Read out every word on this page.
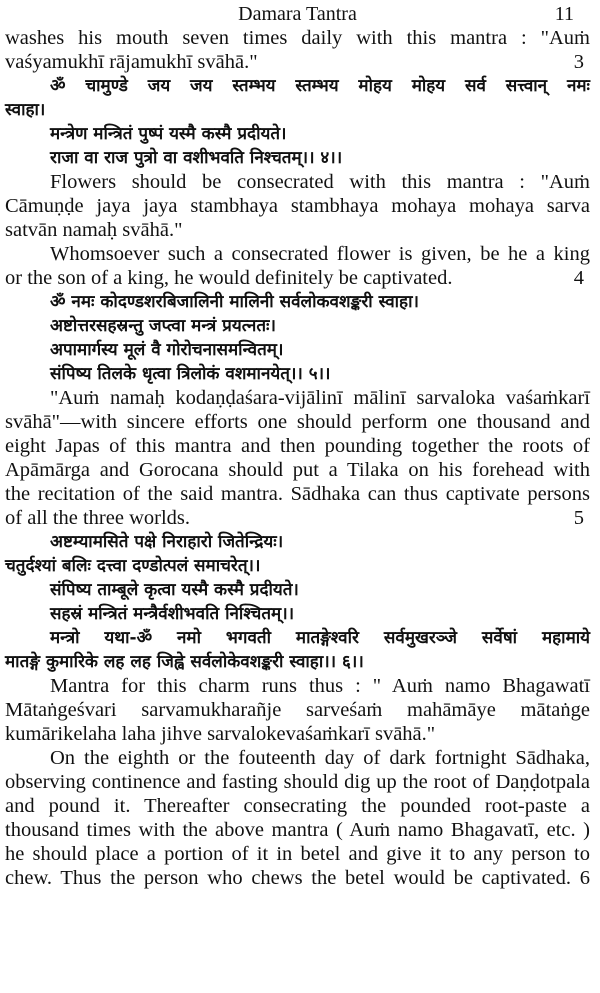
Damara Tantra	11
washes his mouth seven times daily with this mantra : "Auṁ
vaśyamukhī rājamukhī svāhā."	3
ॐ चामुण्डे जय जय स्तम्भय स्तम्भय मोहय मोहय सर्व सत्त्वान् नमः
स्वाहा।
मन्त्रेण मन्त्रितं पुष्पं यस्मै कस्मै प्रदीयते।
राजा वा राज पुत्रो वा वशीभवति निश्चतम्।। ४।।
Flowers should be consecrated with this mantra : "Auṁ
Cāmuṇḍe jaya jaya stambhaya stambhaya mohaya mohaya sarva
satvān namaḥ svāhā."
Whomsoever such a consecrated flower is given, be he a king
or the son of a king, he would definitely be captivated.	4
ॐ नमः कोदण्डशरबिजालिनी मालिनी सर्वलोकवशङ्करी स्वाहा।
अष्टोत्तरसहस्रन्तु जप्त्वा मन्त्रं प्रयत्नतः।
अपामार्गस्य मूलं वै गोरोचनासमन्वितम्।
संपिष्य तिलके धृत्वा त्रिलोकं वशमानयेत्।। ५।।
"Auṁ namaḥ kodaṇḍaśara-vijālinī mālinī sarvaloka vaśaṁkarī
svāhā"—with sincere efforts one should perform one thousand and
eight Japas of this mantra and then pounding together the roots of
Apāmārga and Gorocana should put a Tilaka on his forehead with
the recitation of the said mantra. Sādhaka can thus captivate persons
of all the three worlds.	5
अष्टम्यामसिते पक्षे निराहारो जितेन्द्रियः।
चतुर्दश्यां बलिः दत्त्वा दण्डोत्पलं समाचरेत्।।
संपिष्य ताम्बूले कृत्वा यस्मै कस्मै प्रदीयते।
सहस्रं मन्त्रितं मन्त्रैर्वशीभवति निश्चितम्।।
मन्त्रो यथा-ॐ नमो भगवती मातङ्गेश्वरि सर्वमुखरञ्जे सर्वेषां महामाये
मातङ्गे कुमारिके लह लह जिह्वे सर्वलोकेवशङ्करी स्वाहा।। ६।।
Mantra for this charm runs thus : " Auṁ namo Bhagawatī
Mātaṅgeśvari sarvamukharañje sarveśaṁ mahāmāye mātaṅge
kumārikelaha laha jihve sarvalokevaśaṁkarī svāhā."
On the eighth or the fouteenth day of dark fortnight Sādhaka,
observing continence and fasting should dig up the root of Daṇḍotpala
and pound it. Thereafter consecrating the pounded root-paste a
thousand times with the above mantra ( Auṁ namo Bhagavatī, etc. )
he should place a portion of it in betel and give it to any person to
chew. Thus the person who chews the betel would be captivated. 6
